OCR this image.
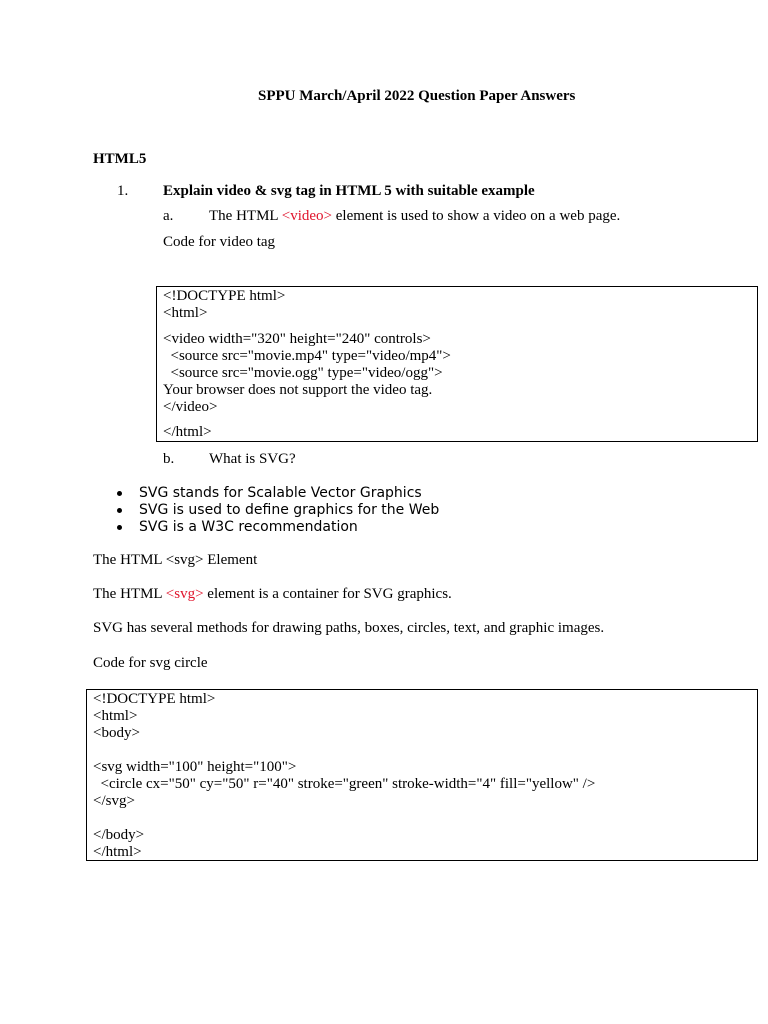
SPPU March/April 2022 Question Paper Answers
HTML5
1. Explain video & svg tag in HTML 5 with suitable example
a. The HTML <video> element is used to show a video on a web page.
Code for video tag
<!DOCTYPE html>
<html>
<video width="320" height="240" controls>
<source src="movie.mp4" type="video/mp4">
<source src="movie.ogg" type="video/ogg">
Your browser does not support the video tag.
</video>
</html>
b. What is SVG?
SVG stands for Scalable Vector Graphics
SVG is used to define graphics for the Web
SVG is a W3C recommendation
The HTML <svg> Element
The HTML <svg> element is a container for SVG graphics.
SVG has several methods for drawing paths, boxes, circles, text, and graphic images.
Code for svg circle
<!DOCTYPE html>
<html>
<body>
<svg width="100" height="100">
<circle cx="50" cy="50" r="40" stroke="green" stroke-width="4" fill="yellow" />
</svg>
</body>
</html>
